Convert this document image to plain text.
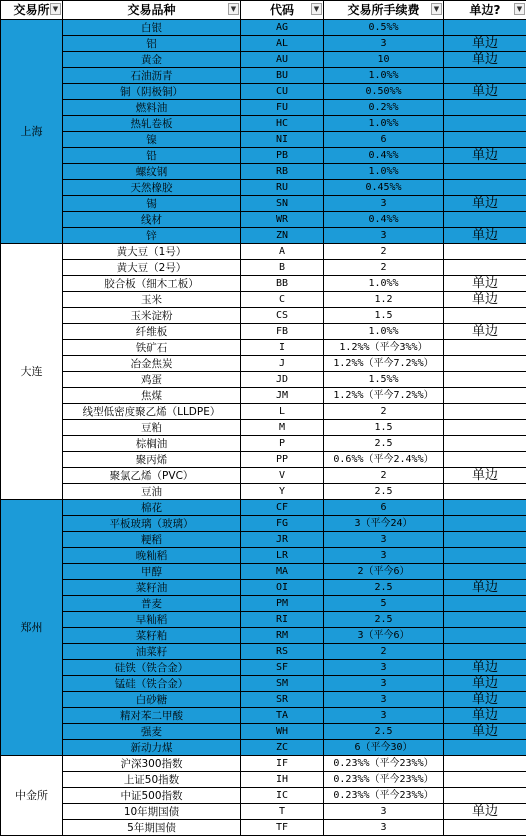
交易所 ▼	交易品种 ▼	代码 ▼	交易所手续费 ▼	单边? ▼

上海	白银	AG	0.5%%	
	铝	AL	3	单边
	黄金	AU	10	单边
	石油沥青	BU	1.0%%	
	铜（阴极铜）	CU	0.50%%	单边
	燃料油	FU	0.2%%	
	热轧卷板	HC	1.0%%	
	镍	NI	6	
	铅	PB	0.4%%	单边
	螺纹钢	RB	1.0%%	
	天然橡胶	RU	0.45%%	
	锡	SN	3	单边
	线材	WR	0.4%%	
	锌	ZN	3	单边
大连	黄大豆（1号）	A	2	
	黄大豆（2号）	B	2	
	胶合板（细木工板）	BB	1.0%%	单边
	玉米	C	1.2	单边
	玉米淀粉	CS	1.5	
	纤维板	FB	1.0%%	单边
	铁矿石	I	1.2%%（平今3%%）	
	冶金焦炭	J	1.2%%（平今7.2%%）	
	鸡蛋	JD	1.5%%	
	焦煤	JM	1.2%%（平今7.2%%）	
	线型低密度聚乙烯（LLDPE）	L	2	
	豆粕	M	1.5	
	棕榈油	P	2.5	
	聚丙烯	PP	0.6%%（平今2.4%%）	
	聚氯乙烯（PVC）	V	2	单边
	豆油	Y	2.5	
郑州	棉花	CF	6	
	平板玻璃（玻璃）	FG	3（平今24）	
	粳稻	JR	3	
	晚籼稻	LR	3	
	甲醇	MA	2（平今6）	
	菜籽油	OI	2.5	单边
	普麦	PM	5	
	早籼稻	RI	2.5	
	菜籽粕	RM	3（平今6）	
	油菜籽	RS	2	
	硅铁（铁合金）	SF	3	单边
	锰硅（铁合金）	SM	3	单边
	白砂糖	SR	3	单边
	精对苯二甲酸	TA	3	单边
	强麦	WH	2.5	单边
	新动力煤	ZC	6（平今30）	
中金所	沪深300指数	IF	0.23%%（平今23%%）	
	上证50指数	IH	0.23%%（平今23%%）	
	中证500指数	IC	0.23%%（平今23%%）	
	10年期国债	T	3	单边
	5年期国债	TF	3	
